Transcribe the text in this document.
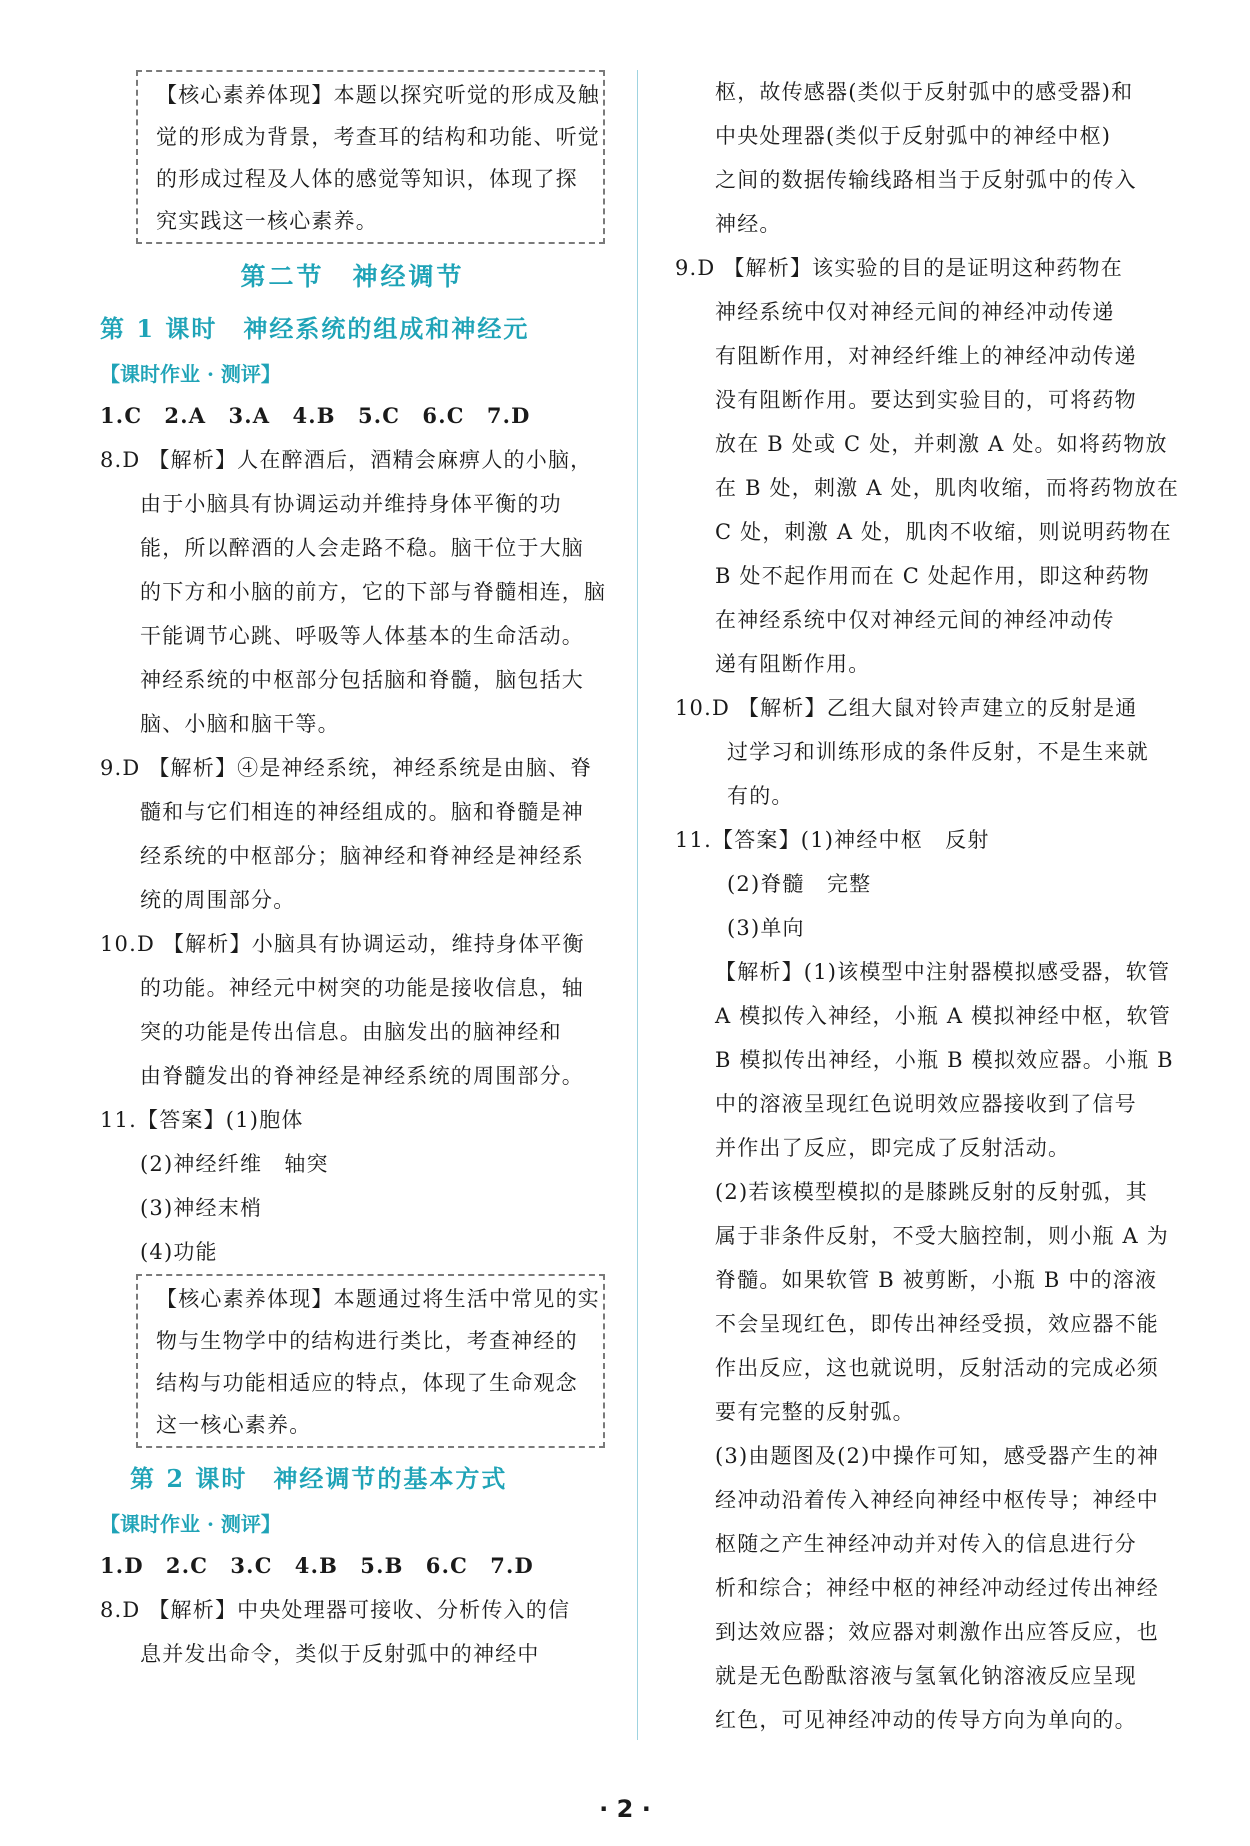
【核心素养体现】本题以探究听觉的形成及触
觉的形成为背景，考查耳的结构和功能、听觉
的形成过程及人体的感觉等知识，体现了探
究实践这一核心素养。
第二节　神经调节
第 1 课时　神经系统的组成和神经元
【课时作业 · 测评】
1.C　2.A　3.A　4.B　5.C　6.C　7.D
8.D 【解析】人在醉酒后，酒精会麻痹人的小脑，
由于小脑具有协调运动并维持身体平衡的功
能，所以醉酒的人会走路不稳。脑干位于大脑
的下方和小脑的前方，它的下部与脊髓相连，脑
干能调节心跳、呼吸等人体基本的生命活动。
神经系统的中枢部分包括脑和脊髓，脑包括大
脑、小脑和脑干等。
9.D 【解析】④是神经系统，神经系统是由脑、脊
髓和与它们相连的神经组成的。脑和脊髓是神
经系统的中枢部分；脑神经和脊神经是神经系
统的周围部分。
10.D 【解析】小脑具有协调运动，维持身体平衡
的功能。神经元中树突的功能是接收信息，轴
突的功能是传出信息。由脑发出的脑神经和
由脊髓发出的脊神经是神经系统的周围部分。
11.【答案】(1)胞体
(2)神经纤维　轴突
(3)神经末梢
(4)功能
【核心素养体现】本题通过将生活中常见的实
物与生物学中的结构进行类比，考查神经的
结构与功能相适应的特点，体现了生命观念
这一核心素养。
第 2 课时　神经调节的基本方式
【课时作业 · 测评】
1.D　2.C　3.C　4.B　5.B　6.C　7.D
8.D 【解析】中央处理器可接收、分析传入的信
息并发出命令，类似于反射弧中的神经中
枢，故传感器(类似于反射弧中的感受器)和
中央处理器(类似于反射弧中的神经中枢)
之间的数据传输线路相当于反射弧中的传入
神经。
9.D 【解析】该实验的目的是证明这种药物在
神经系统中仅对神经元间的神经冲动传递
有阻断作用，对神经纤维上的神经冲动传递
没有阻断作用。要达到实验目的，可将药物
放在 B 处或 C 处，并刺激 A 处。如将药物放
在 B 处，刺激 A 处，肌肉收缩，而将药物放在
C 处，刺激 A 处，肌肉不收缩，则说明药物在
B 处不起作用而在 C 处起作用，即这种药物
在神经系统中仅对神经元间的神经冲动传
递有阻断作用。
10.D 【解析】乙组大鼠对铃声建立的反射是通
过学习和训练形成的条件反射，不是生来就
有的。
11.【答案】(1)神经中枢　反射
(2)脊髓　完整
(3)单向
【解析】(1)该模型中注射器模拟感受器，软管
A 模拟传入神经，小瓶 A 模拟神经中枢，软管
B 模拟传出神经，小瓶 B 模拟效应器。小瓶 B
中的溶液呈现红色说明效应器接收到了信号
并作出了反应，即完成了反射活动。
(2)若该模型模拟的是膝跳反射的反射弧，其
属于非条件反射，不受大脑控制，则小瓶 A 为
脊髓。如果软管 B 被剪断，小瓶 B 中的溶液
不会呈现红色，即传出神经受损，效应器不能
作出反应，这也就说明，反射活动的完成必须
要有完整的反射弧。
(3)由题图及(2)中操作可知，感受器产生的神
经冲动沿着传入神经向神经中枢传导；神经中
枢随之产生神经冲动并对传入的信息进行分
析和综合；神经中枢的神经冲动经过传出神经
到达效应器；效应器对刺激作出应答反应，也
就是无色酚酞溶液与氢氧化钠溶液反应呈现
红色，可见神经冲动的传导方向为单向的。
· 2 ·
